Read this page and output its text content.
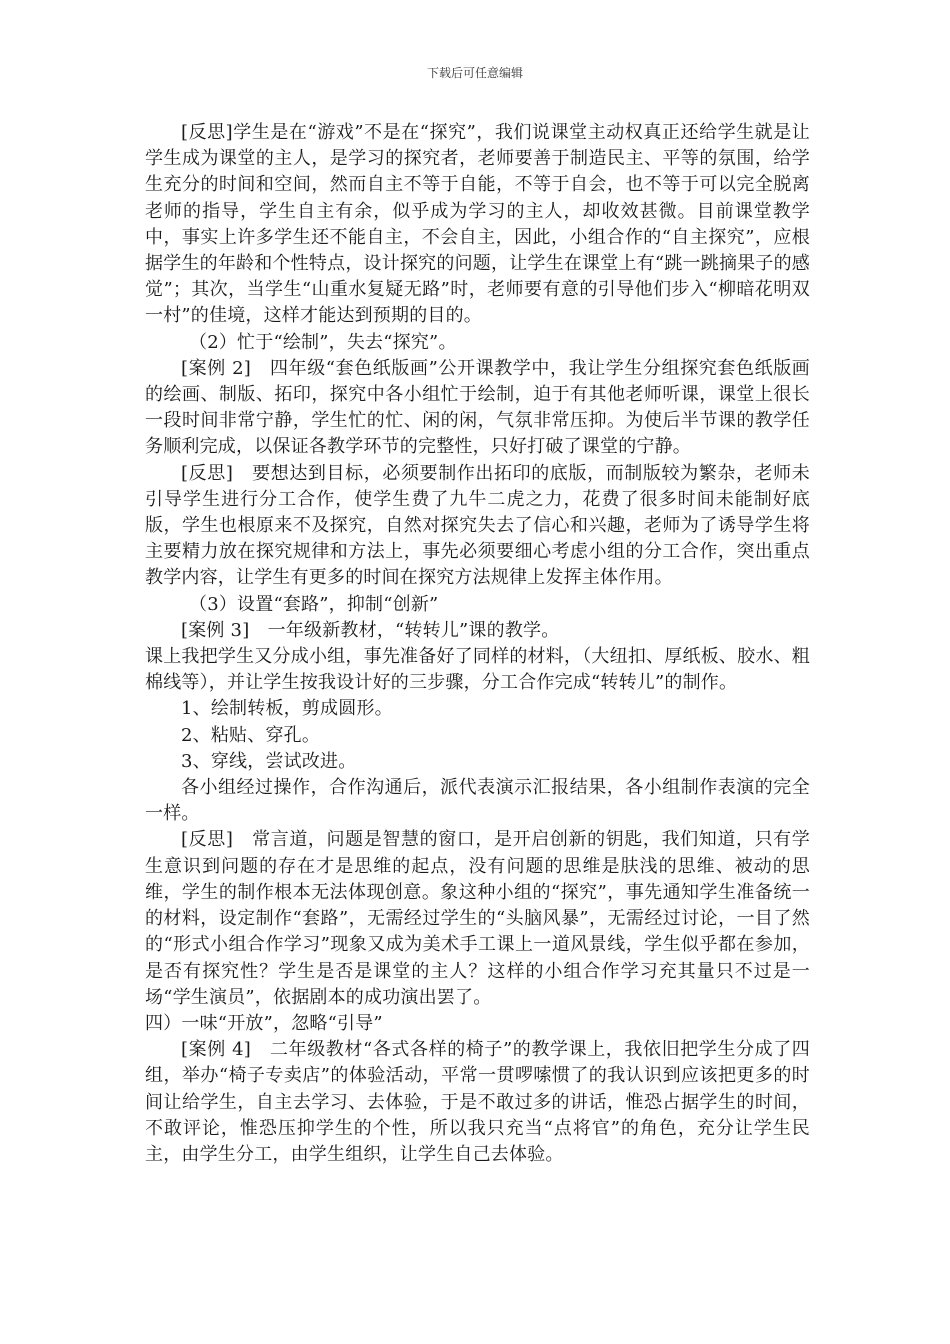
下载后可任意编辑

[反思]学生是在“游戏”不是在“探究”，我们说课堂主动权真正还给学生就是让学生成为课堂的主人，是学习的探究者，老师要善于制造民主、平等的氛围，给学生充分的时间和空间，然而自主不等于自能，不等于自会，也不等于可以完全脱离老师的指导，学生自主有余，似乎成为学习的主人，却收效甚微。目前课堂教学中，事实上许多学生还不能自主，不会自主，因此，小组合作的“自主探究”，应根据学生的年龄和个性特点，设计探究的问题，让学生在课堂上有“跳一跳摘果子的感觉”；其次，当学生“山重水复疑无路”时，老师要有意的引导他们步入“柳暗花明双一村”的佳境，这样才能达到预期的目的。

（2）忙于“绘制”，失去“探究”。

[案例 2]　四年级“套色纸版画”公开课教学中，我让学生分组探究套色纸版画的绘画、制版、拓印，探究中各小组忙于绘制，迫于有其他老师听课，课堂上很长一段时间非常宁静，学生忙的忙、闲的闲，气氛非常压抑。为使后半节课的教学任务顺利完成，以保证各教学环节的完整性，只好打破了课堂的宁静。

[反思]　要想达到目标，必须要制作出拓印的底版，而制版较为繁杂，老师未引导学生进行分工合作，使学生费了九牛二虎之力，花费了很多时间未能制好底版，学生也根原来不及探究，自然对探究失去了信心和兴趣，老师为了诱导学生将主要精力放在探究规律和方法上，事先必须要细心考虑小组的分工合作，突出重点教学内容，让学生有更多的时间在探究方法规律上发挥主体作用。

（3）设置“套路”，抑制“创新”

[案例 3]　一年级新教材，“转转儿”课的教学。

课上我把学生又分成小组，事先准备好了同样的材料，（大纽扣、厚纸板、胶水、粗棉线等），并让学生按我设计好的三步骤，分工合作完成“转转儿”的制作。

1、绘制转板，剪成圆形。

2、粘贴、穿孔。

3、穿线，尝试改进。

各小组经过操作，合作沟通后，派代表演示汇报结果，各小组制作表演的完全一样。

[反思]　常言道，问题是智慧的窗口，是开启创新的钥匙，我们知道，只有学生意识到问题的存在才是思维的起点，没有问题的思维是肤浅的思维、被动的思维，学生的制作根本无法体现创意。象这种小组的“探究”，事先通知学生准备统一的材料，设定制作“套路”，无需经过学生的“头脑风暴”，无需经过讨论，一目了然的“形式小组合作学习”现象又成为美术手工课上一道风景线，学生似乎都在参加，是否有探究性？学生是否是课堂的主人？这样的小组合作学习充其量只不过是一场“学生演员”，依据剧本的成功演出罢了。

四）一味“开放”，忽略“引导”

[案例 4]　二年级教材“各式各样的椅子”的教学课上，我依旧把学生分成了四组，举办“椅子专卖店”的体验活动，平常一贯啰嗦惯了的我认识到应该把更多的时间让给学生，自主去学习、去体验，于是不敢过多的讲话，惟恐占据学生的时间，不敢评论，惟恐压抑学生的个性，所以我只充当“点将官”的角色，充分让学生民主，由学生分工，由学生组织，让学生自己去体验。
